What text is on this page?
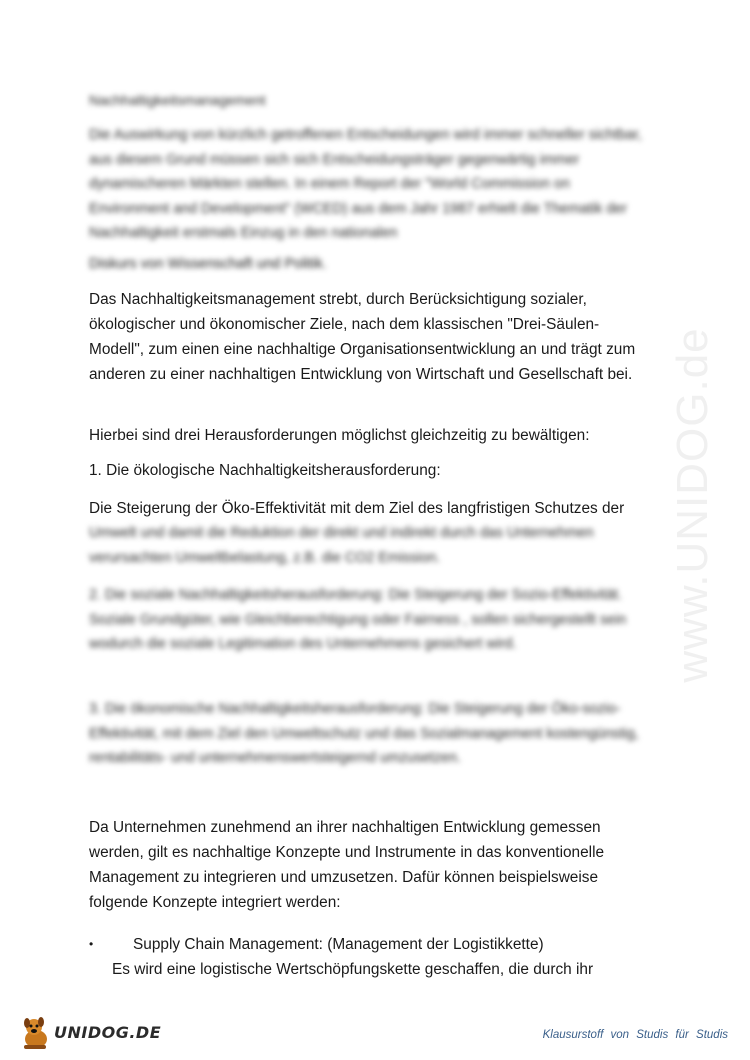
Nachhaltigkeitsmanagement

Die Auswirkung von kürzlich getroffenen Entscheidungen wird immer schneller sichtbar, aus diesem Grund müssen sich sich Entscheidungsträger gegenwärtig immer dynamischeren Märkten stellen. In einem Report der "World Commission on Environment and Development" (WCED) aus dem Jahr 1987 erhielt die Thematik der Nachhaltigkeit erstmals Einzug in den nationalen

Diskurs von Wissenschaft und Politik.

Das Nachhaltigkeitsmanagement strebt, durch Berücksichtigung sozialer, ökologischer und ökonomischer Ziele, nach dem klassischen "Drei-Säulen-Modell", zum einen eine nachhaltige Organisationsentwicklung an und trägt zum anderen zu einer nachhaltigen Entwicklung von Wirtschaft und Gesellschaft bei.

Hierbei sind drei Herausforderungen möglichst gleichzeitig zu bewältigen:

1. Die ökologische Nachhaltigkeitsherausforderung:

Die Steigerung der Öko-Effektivität mit dem Ziel des langfristigen Schutzes der

Umwelt und damit die Reduktion der direkt und indirekt durch das Unternehmen verursachten Umweltbelastung, z.B. die CO2 Emission.

2. Die soziale Nachhaltigkeitsherausforderung: Die Steigerung der Sozio-Effektivität. Soziale Grundgüter, wie Gleichberechtigung oder Fairness , sollen sichergestellt sein wodurch die soziale Legitimation des Unternehmens gesichert wird.

3. Die ökonomische Nachhaltigkeitsherausforderung: Die Steigerung der Öko-sozio- Effektivität, mit dem Ziel den Umweltschutz und das Sozialmanagement kostengünstig, rentabilitäts- und unternehmenswertsteigernd umzusetzen.

Da Unternehmen zunehmend an ihrer nachhaltigen Entwicklung gemessen werden, gilt es nachhaltige Konzepte und Instrumente in das konventionelle Management zu integrieren und umzusetzen. Dafür können beispielsweise folgende Konzepte integriert werden:

•	Supply Chain Management: (Management der Logistikkette)
Es wird eine logistische Wertschöpfungskette geschaffen, die durch ihr
www.UNIDOG.de
UNIDOG.DE	Klausurstoff von Studis für Studis
